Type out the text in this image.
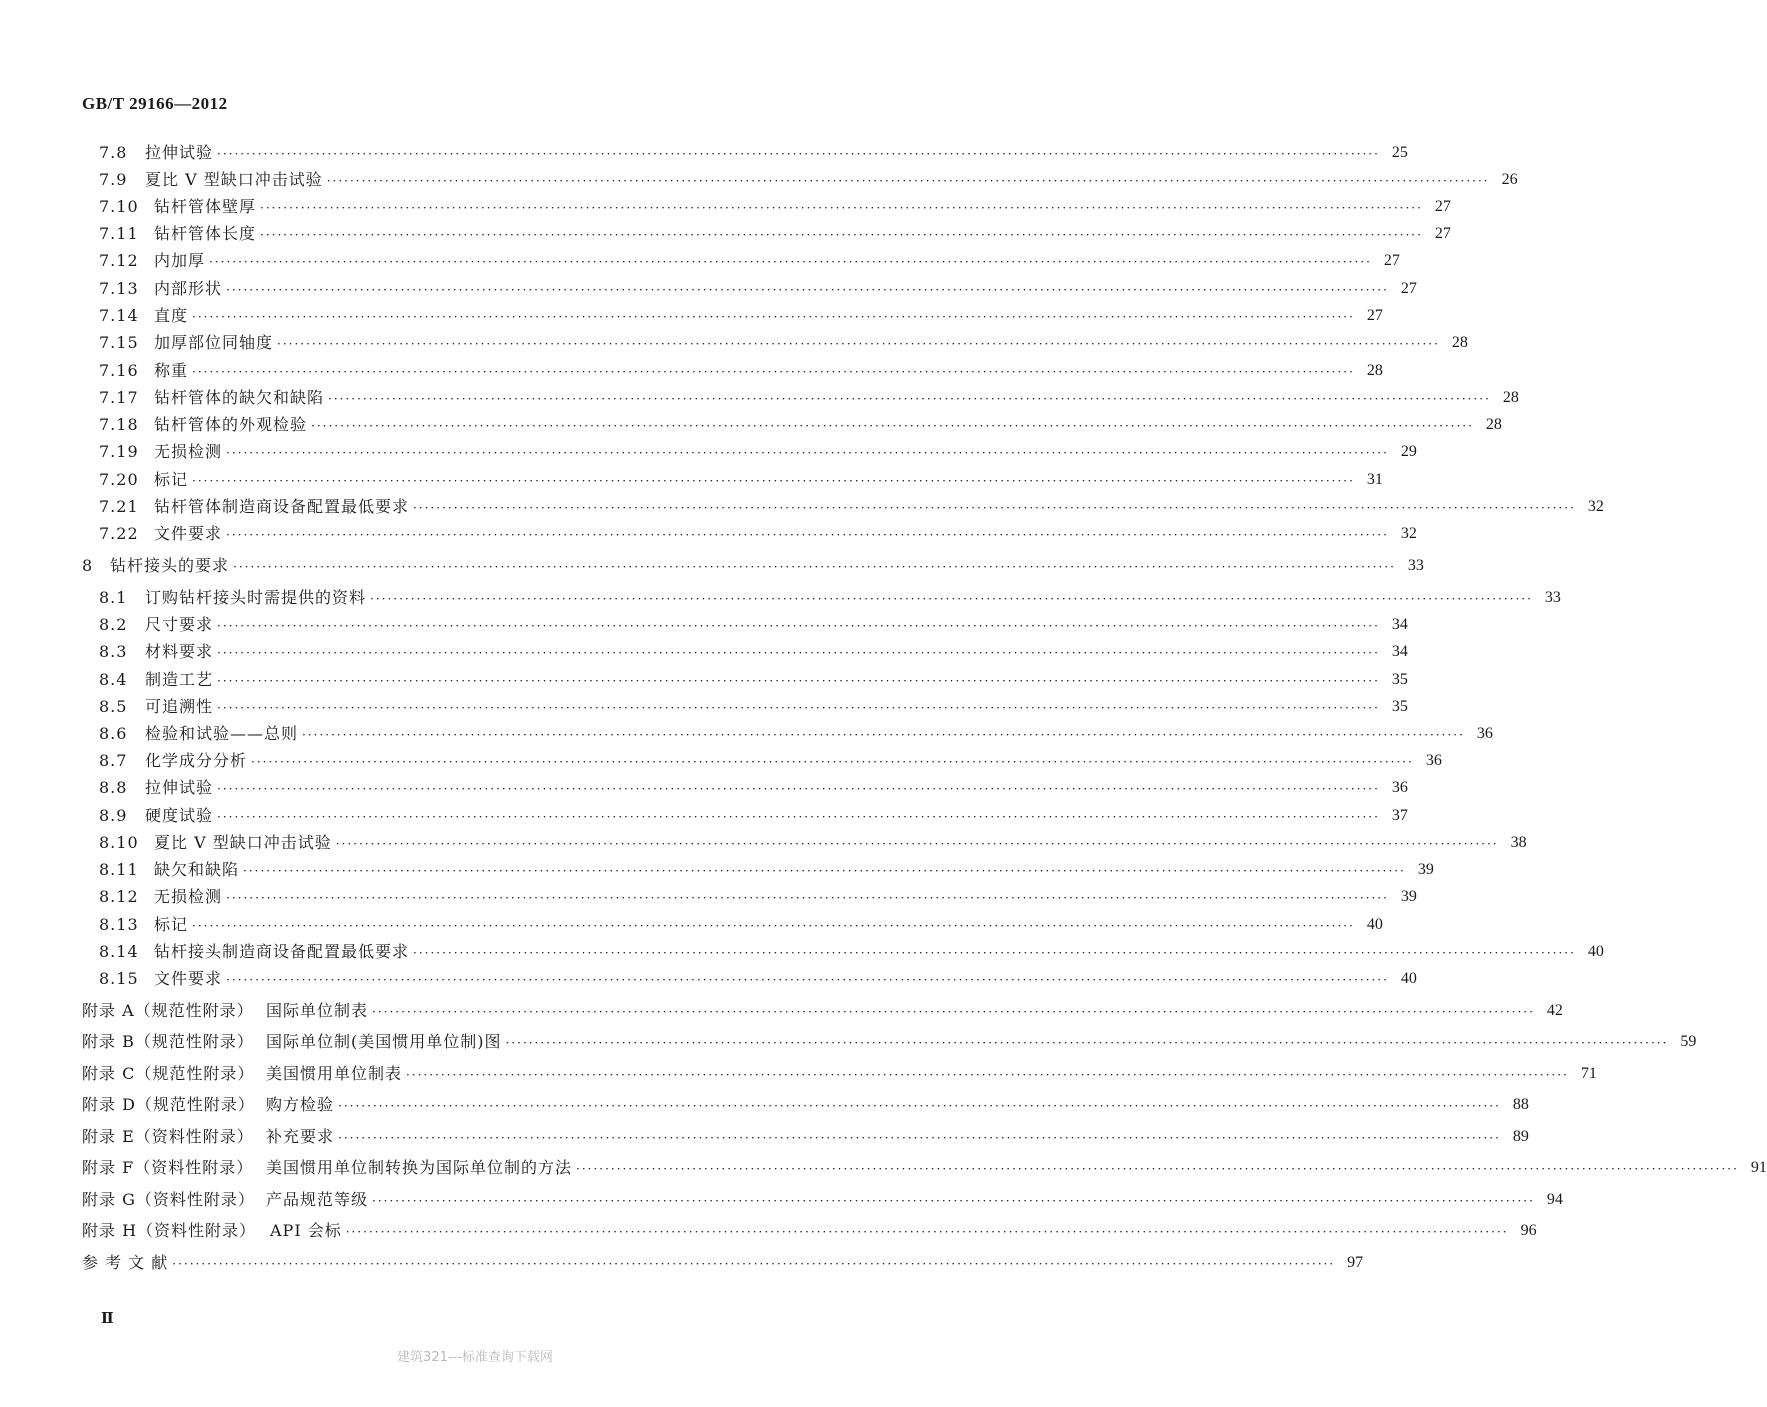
GB/T 29166—2012
7.8	拉伸试验 ········································································································································································································ 25
7.9	夏比 V 型缺口冲击试验 ········································································································································································································ 26
7.10 钻杆管体壁厚 ········································································································································································································ 27
7.11 钻杆管体长度 ········································································································································································································ 27
7.12 内加厚 ········································································································································································································ 27
7.13 内部形状 ········································································································································································································ 27
7.14 直度 ········································································································································································································ 27
7.15 加厚部位同轴度 ········································································································································································································ 28
7.16 称重 ········································································································································································································ 28
7.17 钻杆管体的缺欠和缺陷 ········································································································································································································ 28
7.18 钻杆管体的外观检验 ········································································································································································································ 28
7.19 无损检测 ········································································································································································································ 29
7.20 标记 ········································································································································································································ 31
7.21 钻杆管体制造商设备配置最低要求 ········································································································································································································ 32
7.22 文件要求 ········································································································································································································ 32
8	钻杆接头的要求 ········································································································································································································ 33
8.1	订购钻杆接头时需提供的资料 ········································································································································································································ 33
8.2	尺寸要求 ········································································································································································································ 34
8.3	材料要求 ········································································································································································································ 34
8.4	制造工艺 ········································································································································································································ 35
8.5	可追溯性 ········································································································································································································ 35
8.6	检验和试验——总则 ········································································································································································································ 36
8.7	化学成分分析 ········································································································································································································ 36
8.8	拉伸试验 ········································································································································································································ 36
8.9	硬度试验 ········································································································································································································ 37
8.10 夏比 V 型缺口冲击试验 ········································································································································································································ 38
8.11 缺欠和缺陷 ········································································································································································································ 39
8.12 无损检测 ········································································································································································································ 39
8.13 标记 ········································································································································································································ 40
8.14 钻杆接头制造商设备配置最低要求 ········································································································································································································ 40
8.15 文件要求 ········································································································································································································ 40
附录 A（规范性附录） 国际单位制表 ········································································································································································································ 42
附录 B（规范性附录） 国际单位制(美国惯用单位制)图 ········································································································································································································ 59
附录 C（规范性附录） 美国惯用单位制表 ········································································································································································································ 71
附录 D（规范性附录） 购方检验 ········································································································································································································ 88
附录 E（资料性附录） 补充要求 ········································································································································································································ 89
附录 F（资料性附录） 美国惯用单位制转换为国际单位制的方法 ········································································································································································································ 91
附录 G（资料性附录） 产品规范等级 ········································································································································································································ 94
附录 H（资料性附录） API 会标 ········································································································································································································ 96
参 考 文 献 ········································································································································································································ 97
Ⅱ
建筑321---标准查询下载网
